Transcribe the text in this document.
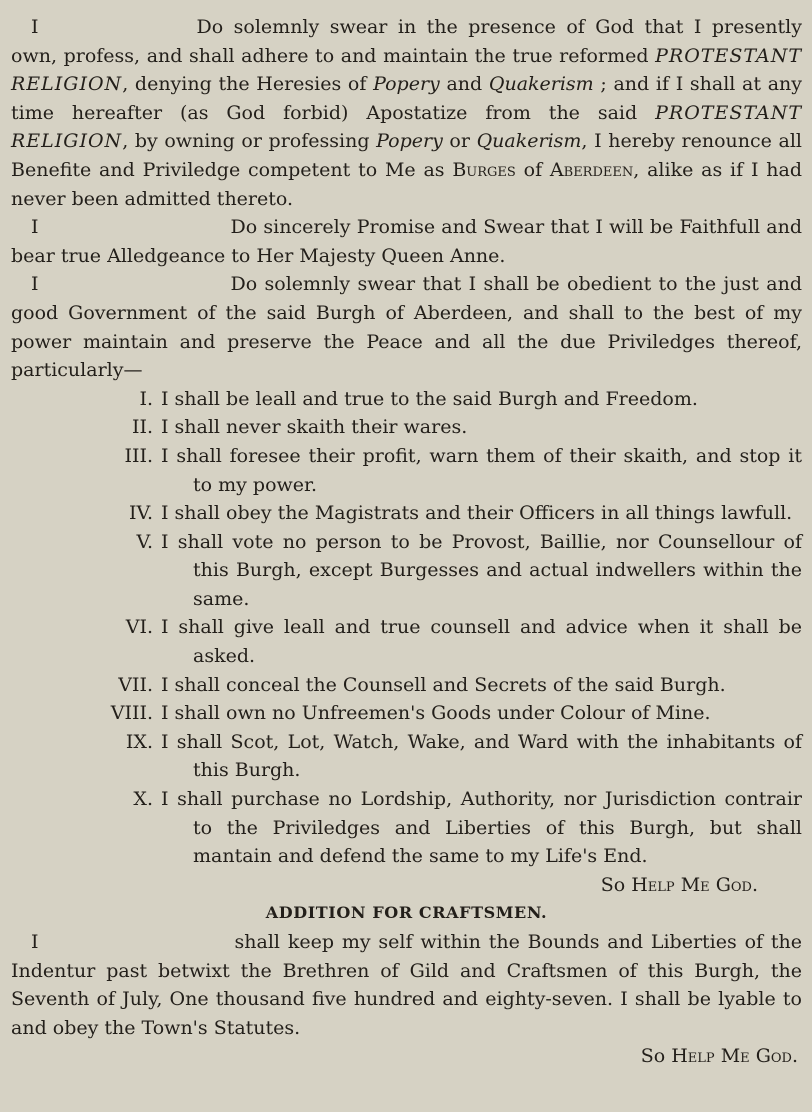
I	Do solemnly swear in the presence of God that I presently own, profess, and shall adhere to and maintain the true reformed PROTESTANT RELIGION, denying the Heresies of Popery and Quakerism ; and if I shall at any time hereafter (as God forbid) Apostatize from the said PROTESTANT RELIGION, by owning or professing Popery or Quakerism, I hereby renounce all Benefite and Priviledge competent to Me as Burges of Aberdeen, alike as if I had never been admitted thereto.

I	Do sincerely Promise and Swear that I will be Faithfull and bear true Alledgeance to Her Majesty Queen Anne.

I	Do solemnly swear that I shall be obedient to the just and good Government of the said Burgh of Aberdeen, and shall to the best of my power maintain and preserve the Peace and all the due Priviledges thereof, particularly—

I. I shall be leall and true to the said Burgh and Freedom.
II. I shall never skaith their wares.
III. I shall foresee their profit, warn them of their skaith, and stop it to my power.
IV. I shall obey the Magistrats and their Officers in all things lawfull.
V. I shall vote no person to be Provost, Baillie, nor Counsellour of this Burgh, except Burgesses and actual indwellers within the same.
VI. I shall give leall and true counsell and advice when it shall be asked.
VII. I shall conceal the Counsell and Secrets of the said Burgh.
VIII. I shall own no Unfreemen's Goods under Colour of Mine.
IX. I shall Scot, Lot, Watch, Wake, and Ward with the inhabitants of this Burgh.
X. I shall purchase no Lordship, Authority, nor Jurisdiction contrair to the Priviledges and Liberties of this Burgh, but shall mantain and defend the same to my Life's End.

So Help Me God.

ADDITION FOR CRAFTSMEN.

I	shall keep my self within the Bounds and Liberties of the Indentur past betwixt the Brethren of Gild and Craftsmen of this Burgh, the Seventh of July, One thousand five hundred and eighty-seven. I shall be lyable to and obey the Town's Statutes.

So Help Me God.
